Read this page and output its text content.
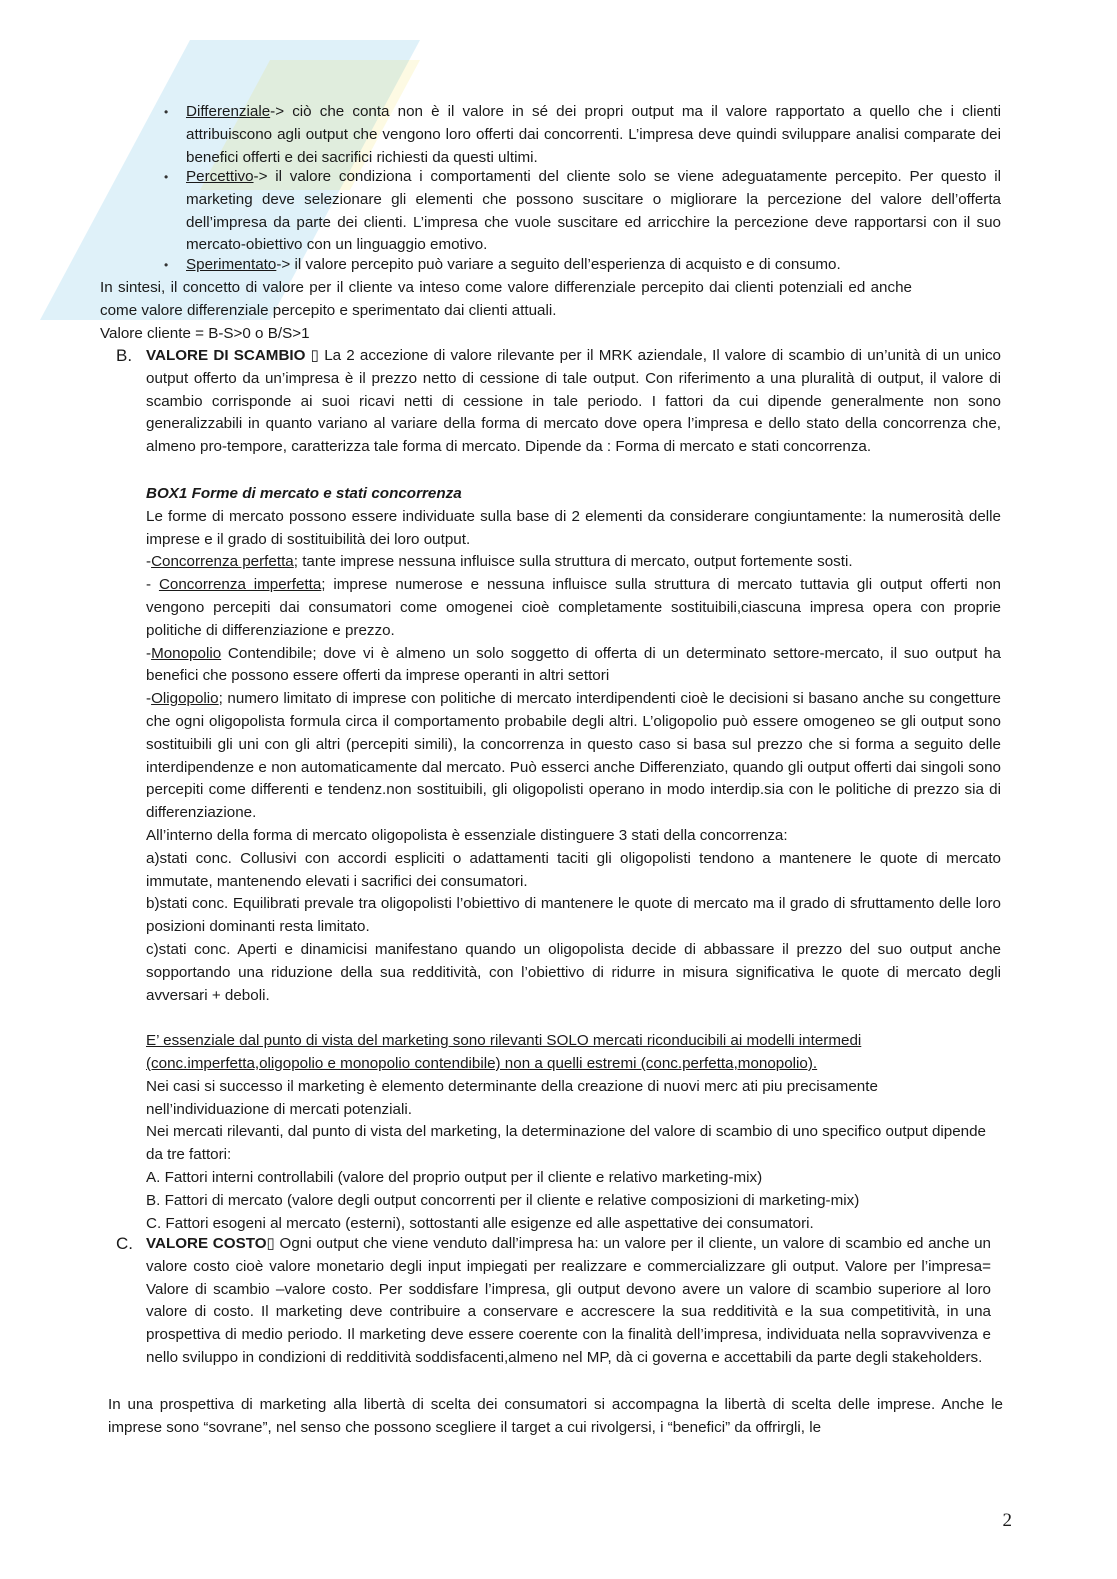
• Differenziale-> ciò che conta non è il valore in sé dei propri output ma il valore rapportato a quello che i clienti attribuiscono agli output che vengono loro offerti dai concorrenti. L’impresa deve quindi sviluppare analisi comparate dei benefici offerti e dei sacrifici richiesti da questi ultimi.

• Percettivo-> il valore condiziona i comportamenti del cliente solo se viene adeguatamente percepito. Per questo il marketing deve selezionare gli elementi che possono suscitare o migliorare la percezione del valore dell’offerta dell’impresa da parte dei clienti. L’impresa che vuole suscitare ed arricchire la percezione deve rapportarsi con il suo mercato-obiettivo con un linguaggio emotivo.

• Sperimentato-> il valore percepito può variare a seguito dell’esperienza di acquisto e di consumo.

In sintesi, il concetto di valore per il cliente va inteso come valore differenziale percepito dai clienti potenziali ed anche come valore differenziale percepito e sperimentato dai clienti attuali.

Valore cliente = B-S>0 o B/S>1

B. VALORE DI SCAMBIO ▯ La 2 accezione di valore rilevante per il MRK aziendale, Il valore di scambio di un’unità di un unico output offerto da un’impresa è il prezzo netto di cessione di tale output. Con riferimento a una pluralità di output, il valore di scambio corrisponde ai suoi ricavi netti di cessione in tale periodo. I fattori da cui dipende generalmente non sono generalizzabili in quanto variano al variare della forma di mercato dove opera l’impresa e dello stato della concorrenza che, almeno pro-tempore, caratterizza tale forma di mercato. Dipende da : Forma di mercato e stati concorrenza.

BOX1 Forme di mercato e stati concorrenza

Le forme di mercato possono essere individuate sulla base di 2 elementi da considerare congiuntamente: la numerosità delle imprese e il grado di sostituibilità dei loro output.

-Concorrenza perfetta; tante imprese nessuna influisce sulla struttura di mercato, output fortemente sosti.

- Concorrenza imperfetta; imprese numerose e nessuna influisce sulla struttura di mercato tuttavia gli output offerti non vengono percepiti dai consumatori come omogenei cioè completamente sostituibili,ciascuna impresa opera con proprie politiche di differenziazione e prezzo.

-Monopolio Contendibile; dove vi è almeno un solo soggetto di offerta di un determinato settore-mercato, il suo output ha benefici che possono essere offerti da imprese operanti in altri settori

-Oligopolio; numero limitato di imprese con politiche di mercato interdipendenti cioè le decisioni si basano anche su congetture che ogni oligopolista formula circa il comportamento probabile degli altri. L’oligopolio può essere omogeneo se gli output sono sostituibili gli uni con gli altri (percepiti simili), la concorrenza in questo caso si basa sul prezzo che si forma a seguito delle interdipendenze e non automaticamente dal mercato. Può esserci anche Differenziato, quando gli output offerti dai singoli sono percepiti come differenti e tendenz.non sostituibili, gli oligopolisti operano in modo interdip.sia con le politiche di prezzo sia di differenziazione.

All’interno della forma di mercato oligopolista è essenziale distinguere 3 stati della concorrenza:

a)stati conc. Collusivi con accordi espliciti o adattamenti taciti gli oligopolisti tendono a mantenere le quote di mercato immutate, mantenendo elevati i sacrifici dei consumatori.

b)stati conc. Equilibrati prevale tra oligopolisti l’obiettivo di mantenere le quote di mercato ma il grado di sfruttamento delle loro posizioni dominanti resta limitato.

c)stati conc. Aperti e dinamicisi manifestano quando un oligopolista decide di abbassare il prezzo del suo output anche sopportando una riduzione della sua redditività, con l’obiettivo di ridurre in misura significativa le quote di mercato degli avversari + deboli.

E’ essenziale dal punto di vista del marketing sono rilevanti SOLO mercati riconducibili ai modelli intermedi (conc.imperfetta,oligopolio e monopolio contendibile) non a quelli estremi (conc.perfetta,monopolio).

Nei casi si successo il marketing è elemento determinante della creazione di nuovi merc ati piu precisamente nell’individuazione di mercati potenziali.

Nei mercati rilevanti, dal punto di vista del marketing, la determinazione del valore di scambio di uno specifico output dipende da tre fattori:

A. Fattori interni controllabili (valore del proprio output per il cliente e relativo marketing-mix)

B. Fattori di mercato (valore degli output concorrenti per il cliente e relative composizioni di marketing-mix)

C. Fattori esogeni al mercato (esterni), sottostanti alle esigenze ed alle aspettative dei consumatori.

C. VALORE COSTO▯ Ogni output che viene venduto dall’impresa ha: un valore per il cliente, un valore di scambio ed anche un valore costo cioè valore monetario degli input impiegati per realizzare e commercializzare gli output. Valore per l’impresa= Valore di scambio –valore costo. Per soddisfare l’impresa, gli output devono avere un valore di scambio superiore al loro valore di costo. Il marketing deve contribuire a conservare e accrescere la sua redditività e la sua competitività, in una prospettiva di medio periodo. Il marketing deve essere coerente con la finalità dell’impresa, individuata nella sopravvivenza e nello sviluppo in condizioni di redditività soddisfacenti,almeno nel MP, dà ci governa e accettabili da parte degli stakeholders.

In una prospettiva di marketing alla libertà di scelta dei consumatori si accompagna la libertà di scelta delle imprese. Anche le imprese sono “sovrane”, nel senso che possono scegliere il target a cui rivolgersi, i “benefici” da offrirgli, le

2
